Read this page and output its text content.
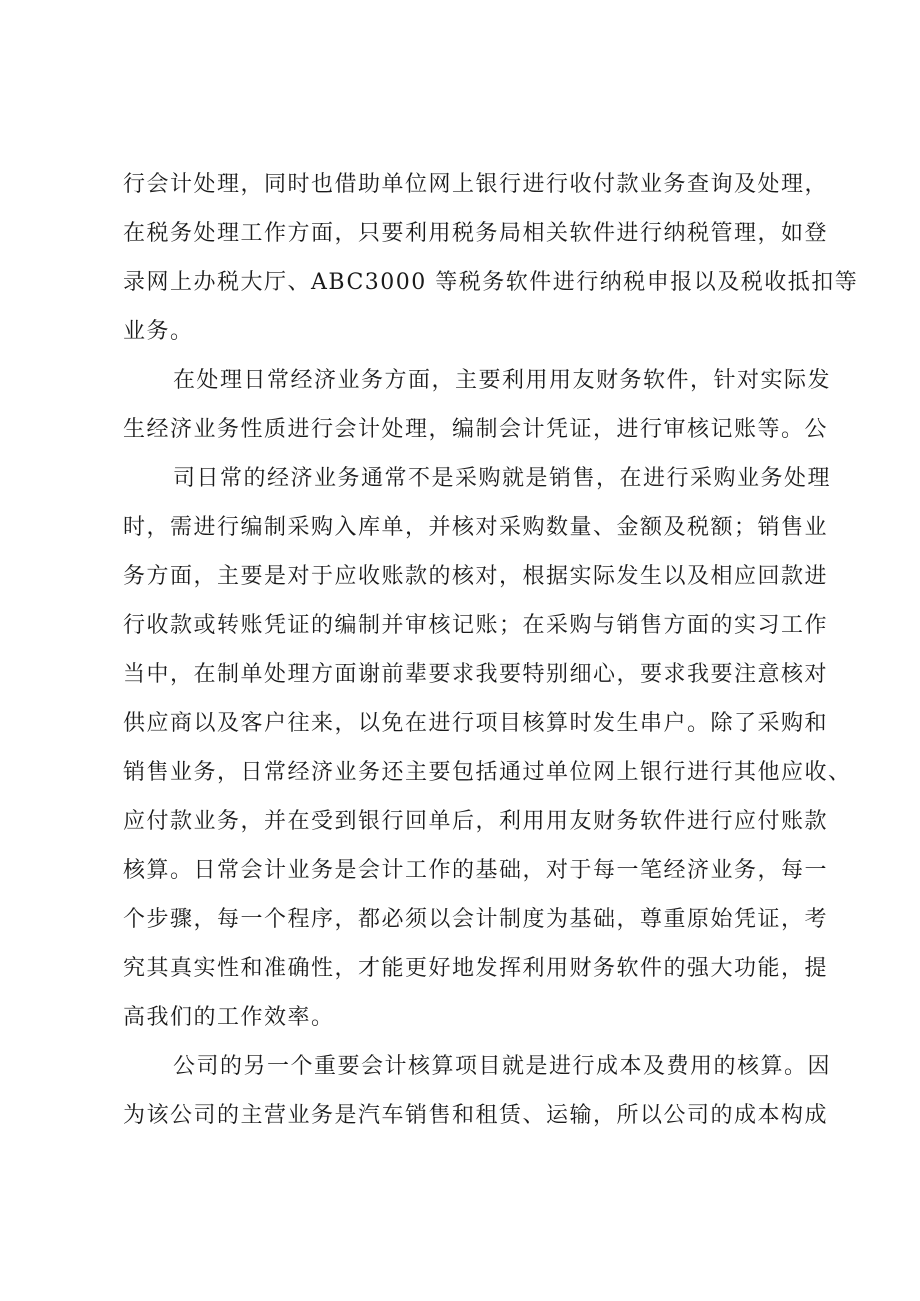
行会计处理，同时也借助单位网上银行进行收付款业务查询及处理，

在税务处理工作方面，只要利用税务局相关软件进行纳税管理，如登

录网上办税大厅、ABC3000 等税务软件进行纳税申报以及税收抵扣等

业务。

在处理日常经济业务方面，主要利用用友财务软件，针对实际发

生经济业务性质进行会计处理，编制会计凭证，进行审核记账等。公

司日常的经济业务通常不是采购就是销售，在进行采购业务处理

时，需进行编制采购入库单，并核对采购数量、金额及税额；销售业

务方面，主要是对于应收账款的核对，根据实际发生以及相应回款进

行收款或转账凭证的编制并审核记账；在采购与销售方面的实习工作

当中，在制单处理方面谢前辈要求我要特别细心，要求我要注意核对

供应商以及客户往来，以免在进行项目核算时发生串户。除了采购和

销售业务，日常经济业务还主要包括通过单位网上银行进行其他应收、

应付款业务，并在受到银行回单后，利用用友财务软件进行应付账款

核算。日常会计业务是会计工作的基础，对于每一笔经济业务，每一

个步骤，每一个程序，都必须以会计制度为基础，尊重原始凭证，考

究其真实性和准确性，才能更好地发挥利用财务软件的强大功能，提

高我们的工作效率。

公司的另一个重要会计核算项目就是进行成本及费用的核算。因

为该公司的主营业务是汽车销售和租赁、运输，所以公司的成本构成
